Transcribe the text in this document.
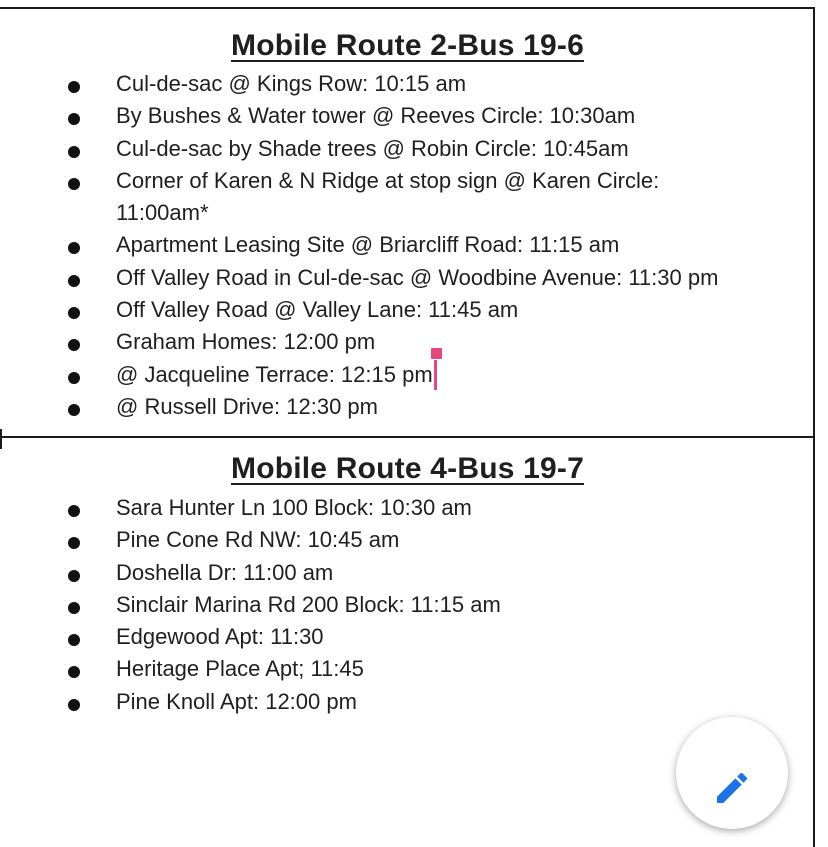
Mobile Route 2-Bus 19-6
Cul-de-sac @ Kings Row: 10:15 am
By Bushes & Water tower @ Reeves Circle: 10:30am
Cul-de-sac by Shade trees @ Robin Circle: 10:45am
Corner of Karen & N Ridge at stop sign @ Karen Circle: 11:00am*
Apartment Leasing Site @ Briarcliff Road: 11:15 am
Off Valley Road in Cul-de-sac @ Woodbine Avenue: 11:30 pm
Off Valley Road @ Valley Lane: 11:45 am
Graham Homes: 12:00 pm
@ Jacqueline Terrace: 12:15 pm
@ Russell Drive: 12:30 pm
Mobile Route 4-Bus 19-7
Sara Hunter Ln 100 Block: 10:30 am
Pine Cone Rd NW: 10:45 am
Doshella Dr: 11:00 am
Sinclair Marina Rd 200 Block: 11:15 am
Edgewood Apt: 11:30
Heritage Place Apt; 11:45
Pine Knoll Apt: 12:00 pm
